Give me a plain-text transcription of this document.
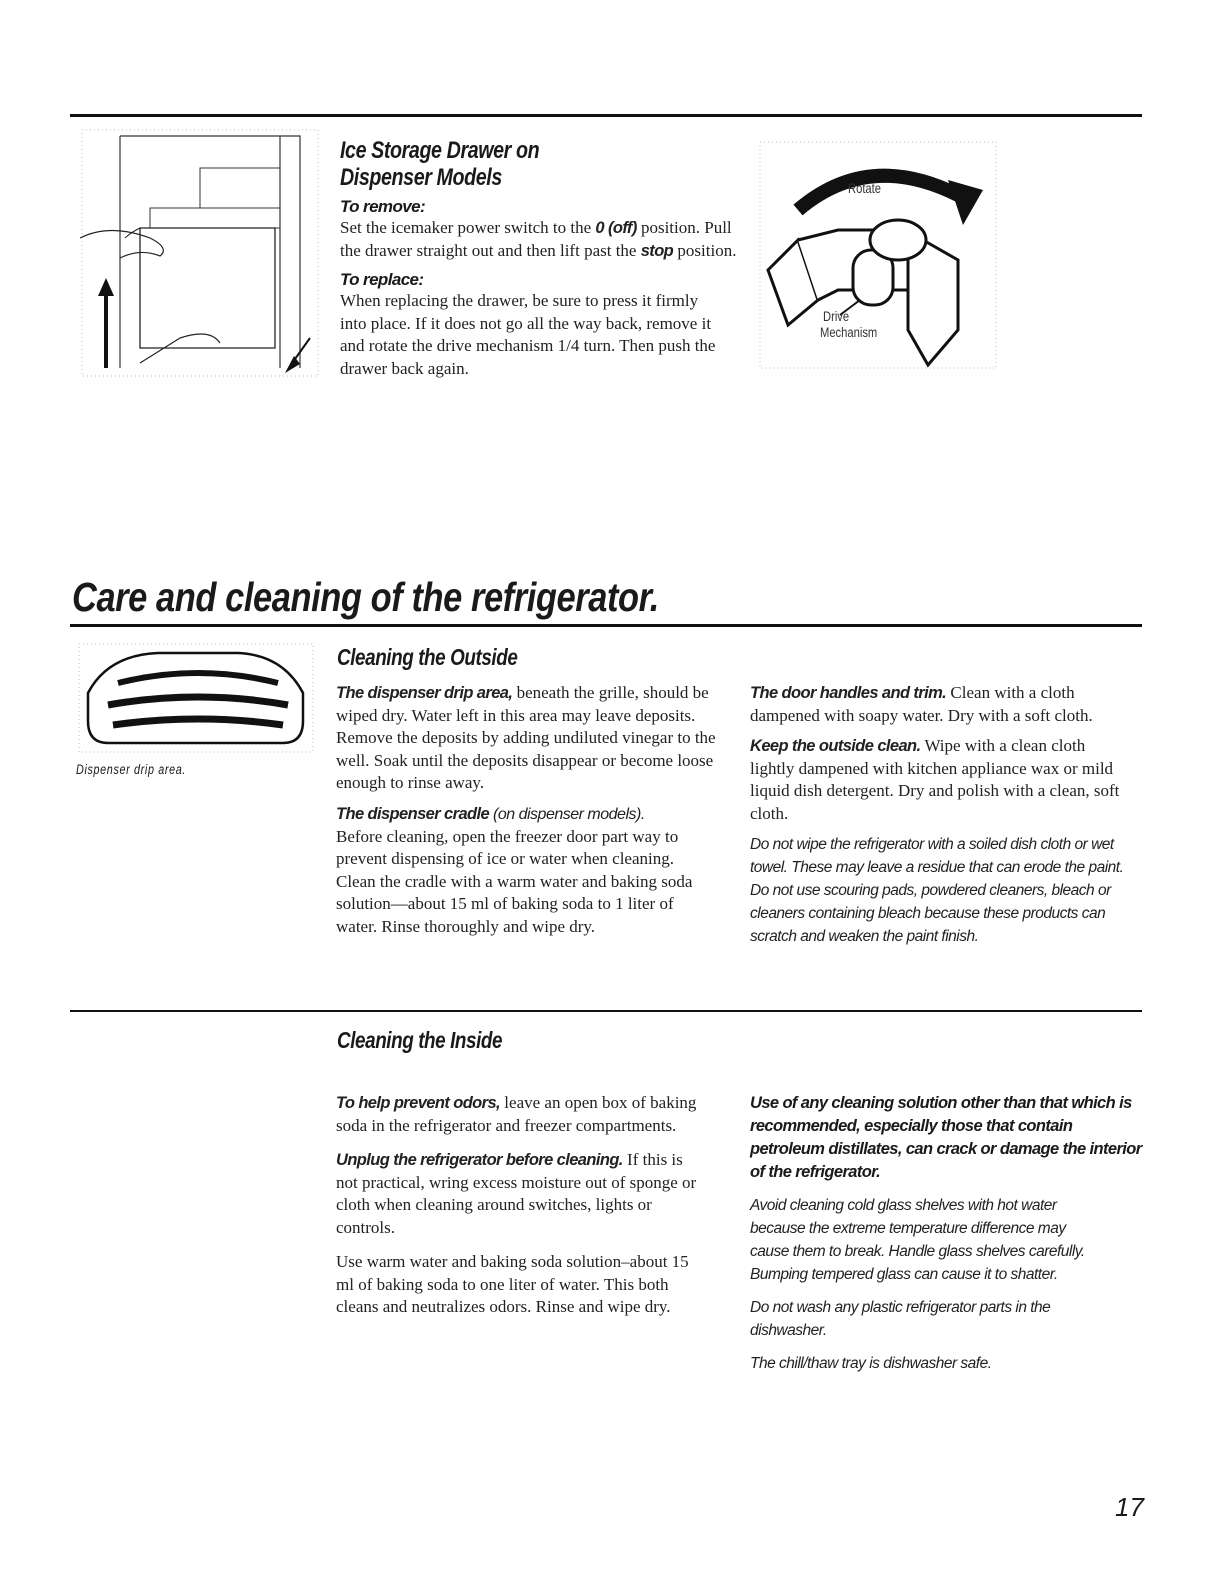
Ice Storage Drawer on
Dispenser Models
To remove:

Set the icemaker power switch to the 0 (off) position. Pull the drawer straight out and then lift past the stop position.

To replace:

When replacing the drawer, be sure to press it firmly into place. If it does not go all the way back, remove it and rotate the drive mechanism 1/4 turn. Then push the drawer back again.

Rotate
Drive
Mechanism
Care and cleaning of the refrigerator.
Dispenser drip area.
Cleaning the Outside

The dispenser drip area, beneath the grille, should be wiped dry. Water left in this area may leave deposits. Remove the deposits by adding undiluted vinegar to the well. Soak until the deposits disappear or become loose enough to rinse away.

The dispenser cradle (on dispenser models).
Before cleaning, open the freezer door part way to prevent dispensing of ice or water when cleaning. Clean the cradle with a warm water and baking soda solution—about 15 ml of baking soda to 1 liter of water. Rinse thoroughly and wipe dry.

The door handles and trim. Clean with a cloth dampened with soapy water. Dry with a soft cloth.

Keep the outside clean. Wipe with a clean cloth lightly dampened with kitchen appliance wax or mild liquid dish detergent. Dry and polish with a clean, soft cloth.

Do not wipe the refrigerator with a soiled dish cloth or wet towel. These may leave a residue that can erode the paint. Do not use scouring pads, powdered cleaners, bleach or cleaners containing bleach because these products can scratch and weaken the paint finish.

Cleaning the Inside

To help prevent odors, leave an open box of baking soda in the refrigerator and freezer compartments.

Unplug the refrigerator before cleaning. If this is not practical, wring excess moisture out of sponge or cloth when cleaning around switches, lights or controls.

Use warm water and baking soda solution–about 15 ml of baking soda to one liter of water. This both cleans and neutralizes odors. Rinse and wipe dry.

Use of any cleaning solution other than that which is recommended, especially those that contain petroleum distillates, can crack or damage the interior of the refrigerator.

Avoid cleaning cold glass shelves with hot water because the extreme temperature difference may cause them to break. Handle glass shelves carefully. Bumping tempered glass can cause it to shatter.

Do not wash any plastic refrigerator parts in the dishwasher.

The chill/thaw tray is dishwasher safe.

17
